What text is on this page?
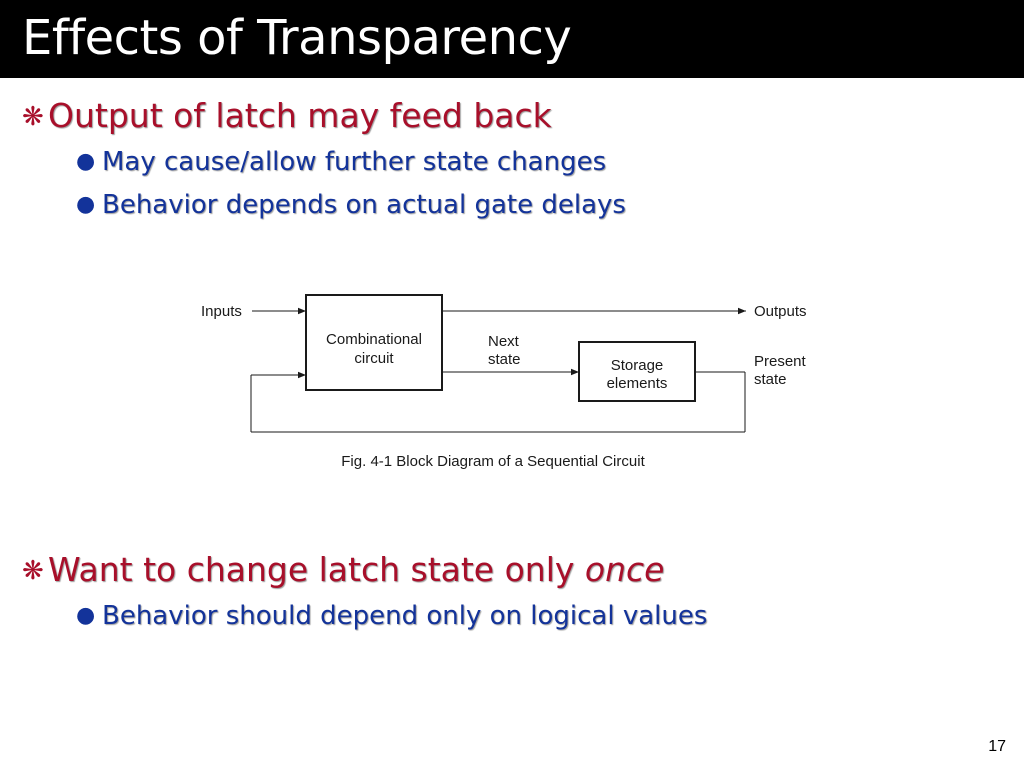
Effects of Transparency
❋ Output of latch may feed back
● May cause/allow further state changes
● Behavior depends on actual gate delays
Inputs	Outputs
Combinational
circuit
Next
state	Storage
elements
Present
state
Fig. 4-1 Block Diagram of a Sequential Circuit
❋ Want to change latch state only once
● Behavior should depend only on logical values
17
